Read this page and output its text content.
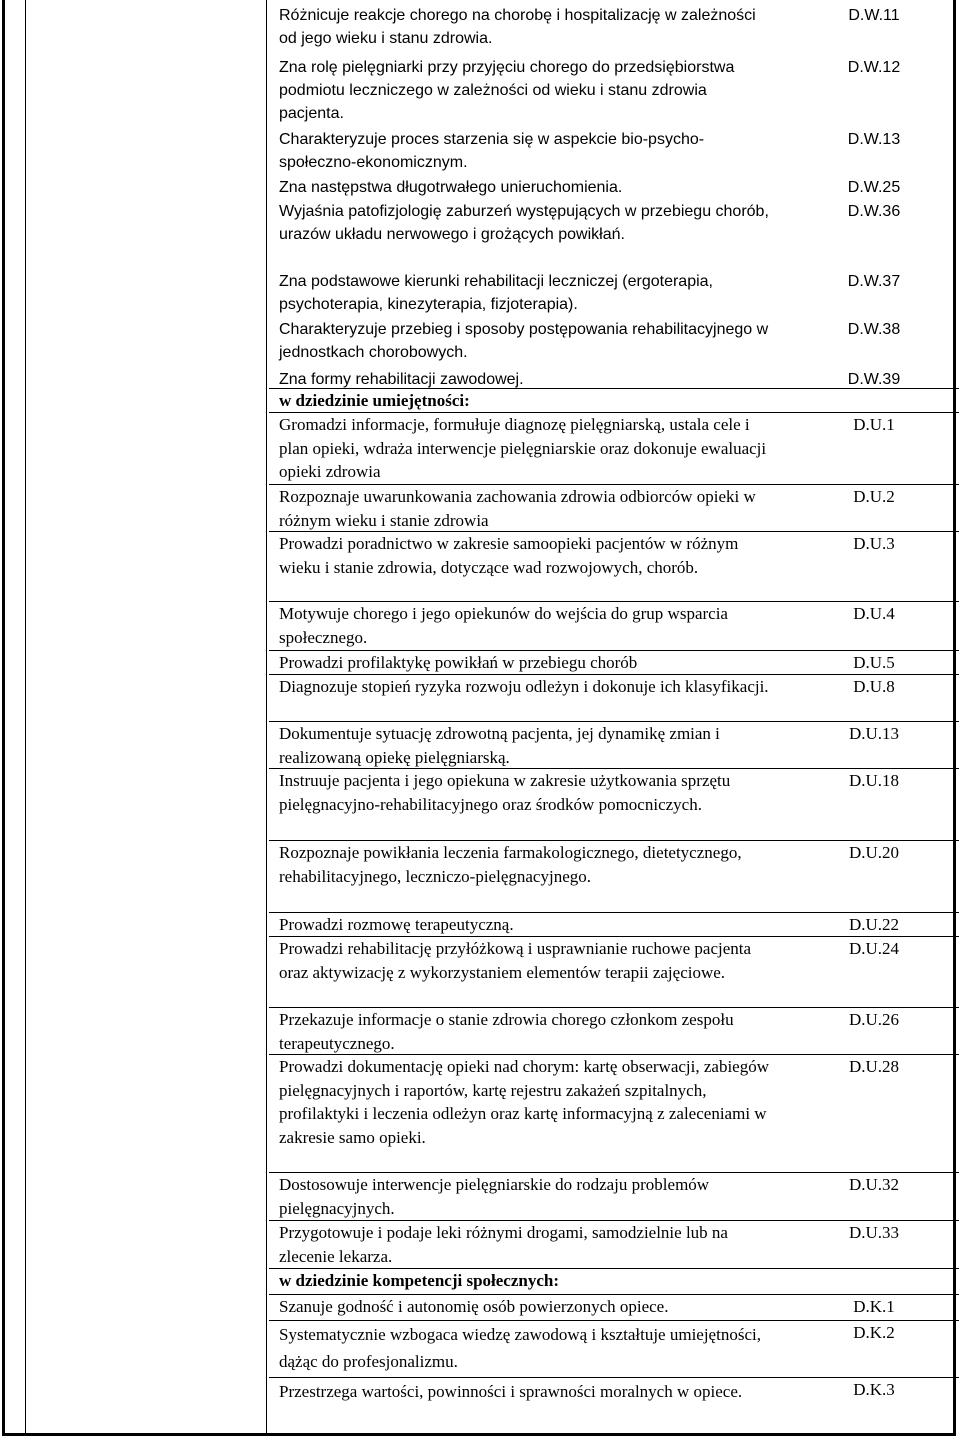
Różnicuje reakcje chorego na chorobę i hospitalizację w zależności od jego wieku i stanu zdrowia.
D.W.11
Zna rolę pielęgniarki przy przyjęciu chorego do przedsiębiorstwa podmiotu leczniczego w zależności od wieku i stanu zdrowia pacjenta.
D.W.12
Charakteryzuje proces starzenia się w aspekcie bio-psycho-społeczno-ekonomicznym.
D.W.13
Zna następstwa długotrwałego unieruchomienia.	D.W.25
Wyjaśnia patofizjologię zaburzeń występujących w przebiegu chorób, urazów układu nerwowego i grożących powikłań.
D.W.36
Zna podstawowe kierunki rehabilitacji leczniczej (ergoterapia, psychoterapia, kinezyterapia, fizjoterapia).
D.W.37
Charakteryzuje przebieg i sposoby postępowania rehabilitacyjnego w jednostkach chorobowych.
D.W.38
Zna formy rehabilitacji zawodowej.	D.W.39
w dziedzinie umiejętności:
Gromadzi informacje, formułuje diagnozę pielęgniarską, ustala cele i plan opieki, wdraża interwencje pielęgniarskie oraz dokonuje ewaluacji opieki zdrowia
D.U.1
Rozpoznaje uwarunkowania zachowania zdrowia odbiorców opieki w różnym wieku i stanie zdrowia
D.U.2
Prowadzi poradnictwo w zakresie samoopieki pacjentów w różnym wieku i stanie zdrowia, dotyczące wad rozwojowych, chorób.
D.U.3
Motywuje chorego i jego opiekunów do wejścia do grup wsparcia społecznego.
D.U.4
Prowadzi profilaktykę powikłań w przebiegu chorób	D.U.5
Diagnozuje stopień ryzyka rozwoju odleżyn i dokonuje ich klasyfikacji.	D.U.8
Dokumentuje sytuację zdrowotną pacjenta, jej dynamikę zmian i realizowaną opiekę pielęgniarską.
D.U.13
Instruuje pacjenta i jego opiekuna w zakresie użytkowania sprzętu pielęgnacyjno-rehabilitacyjnego oraz środków pomocniczych.
D.U.18
Rozpoznaje powikłania leczenia farmakologicznego, dietetycznego, rehabilitacyjnego, leczniczo-pielęgnacyjnego.
D.U.20
Prowadzi rozmowę terapeutyczną.	D.U.22
Prowadzi rehabilitację przyłóżkową i usprawnianie ruchowe pacjenta oraz aktywizację z wykorzystaniem elementów terapii zajęciowe.
D.U.24
Przekazuje informacje o stanie zdrowia chorego członkom zespołu terapeutycznego.
D.U.26
Prowadzi dokumentację opieki nad chorym: kartę obserwacji, zabiegów pielęgnacyjnych i raportów, kartę rejestru zakażeń szpitalnych, profilaktyki i leczenia odleżyn oraz kartę informacyjną z zaleceniami w zakresie samo opieki.
D.U.28
Dostosowuje interwencje pielęgniarskie do rodzaju problemów pielęgnacyjnych.
D.U.32
Przygotowuje i podaje leki różnymi drogami, samodzielnie lub na zlecenie lekarza.
D.U.33
w dziedzinie kompetencji społecznych:
Szanuje godność i autonomię osób powierzonych opiece.	D.K.1
Systematycznie wzbogaca wiedzę zawodową i kształtuje umiejętności, dążąc do profesjonalizmu.
D.K.2
Przestrzega wartości, powinności i sprawności moralnych w opiece.	D.K.3
